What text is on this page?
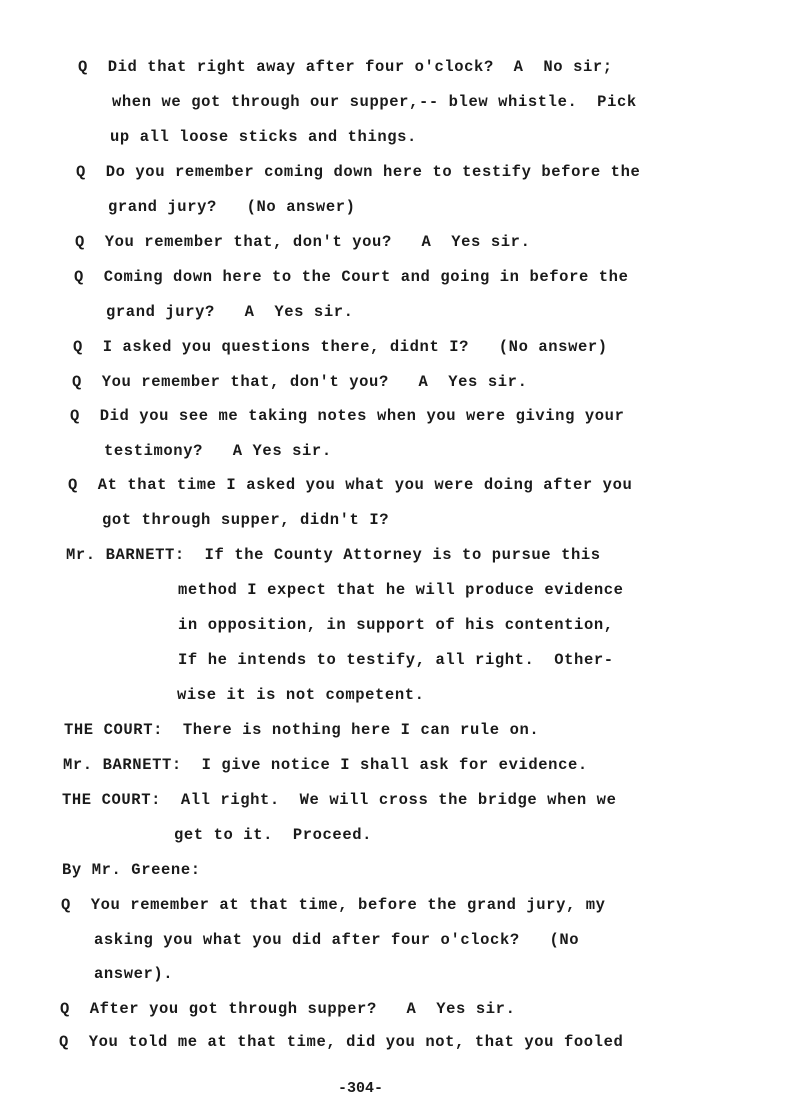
Q  Did that right away after four o'clock?  A  No sir;
when we got through our supper,-- blew whistle.  Pick
up all loose sticks and things.
Q  Do you remember coming down here to testify before the
grand jury?   (No answer)
Q  You remember that, don't you?   A  Yes sir.
Q  Coming down here to the Court and going in before the
grand jury?   A  Yes sir.
Q  I asked you questions there, didnt I?   (No answer)
Q  You remember that, don't you?   A  Yes sir.
Q  Did you see me taking notes when you were giving your
testimony?   A Yes sir.
Q  At that time I asked you what you were doing after you
got through supper, didn't I?
Mr. BARNETT:  If the County Attorney is to pursue this
method I expect that he will produce evidence
in opposition, in support of his contention,
If he intends to testify, all right.  Other-
wise it is not competent.
THE COURT:  There is nothing here I can rule on.
Mr. BARNETT:  I give notice I shall ask for evidence.
THE COURT:  All right.  We will cross the bridge when we
get to it.  Proceed.
By Mr. Greene:
Q  You remember at that time, before the grand jury, my
asking you what you did after four o'clock?   (No
answer).
Q  After you got through supper?   A  Yes sir.
Q  You told me at that time, did you not, that you fooled
-304-
